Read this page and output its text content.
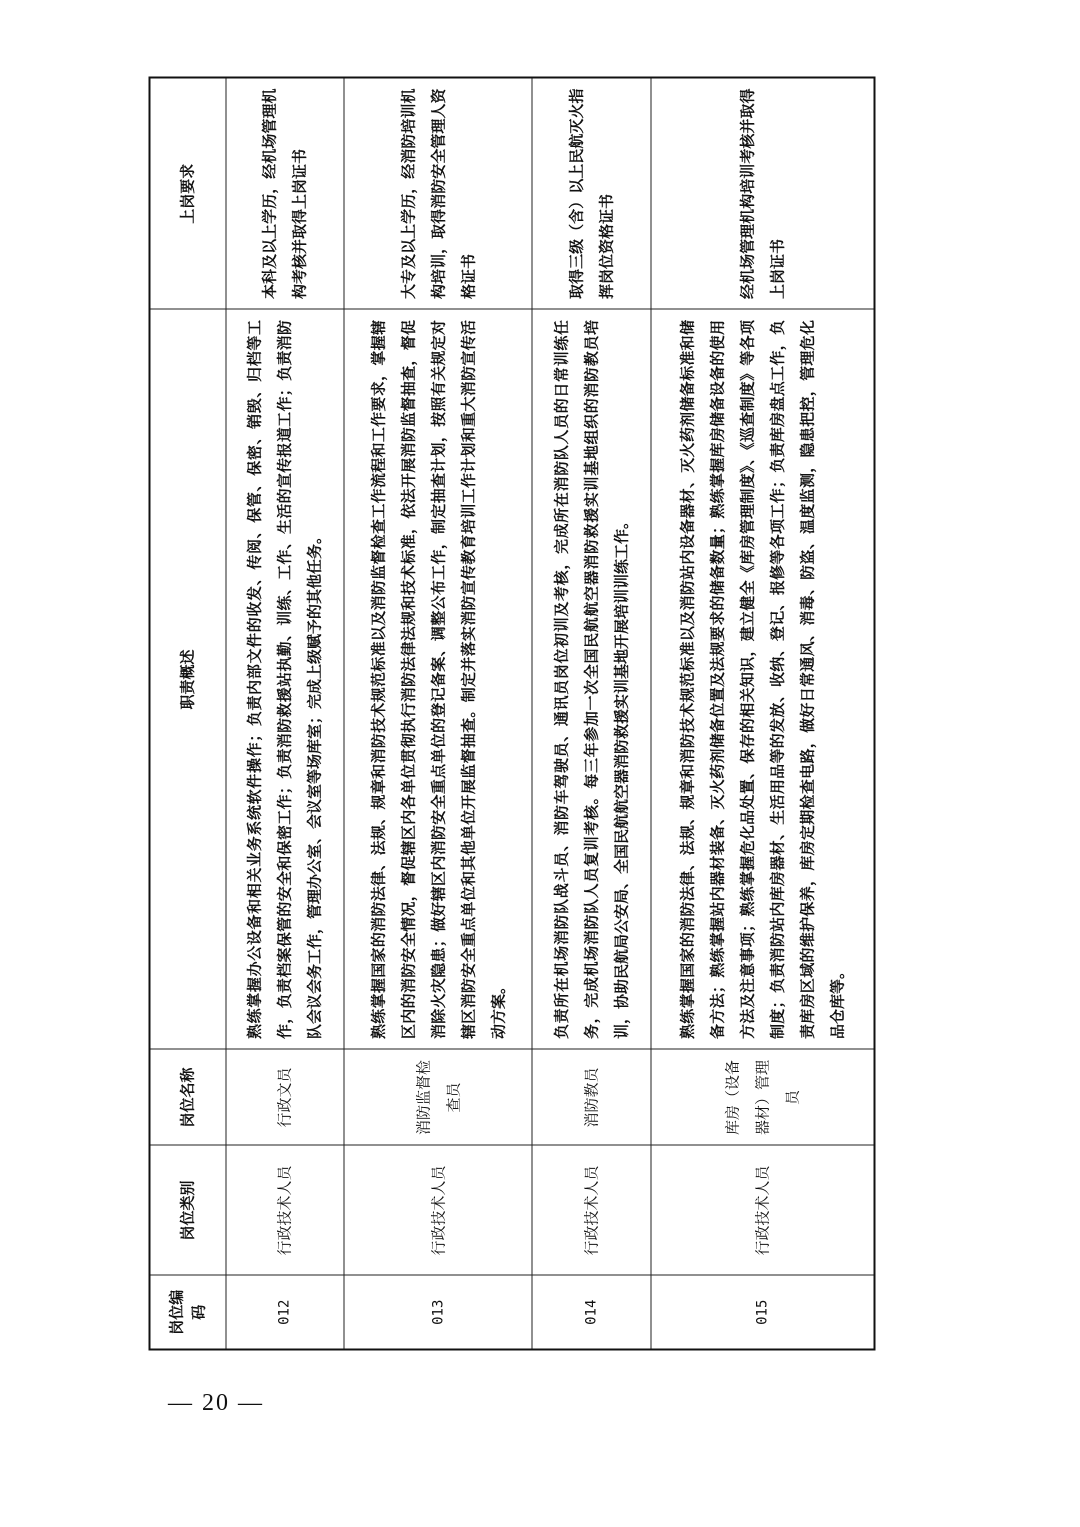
岗位编码	岗位类别	岗位名称	职责概述	上岗要求
012	行政技术人员	行政文员	熟练掌握办公设备和相关业务系统软件操作；负责内部文件的收发、传阅、保管、保密、销毁、归档等工作，负责档案保管的安全和保密工作；负责消防救援站执勤、训练、工作、生活的宣传报道工作；负责消防队会议会务工作，管理办公室、会议室等场库室；完成上级赋予的其他任务。	本科及以上学历，经机场管理机构考核并取得上岗证书
013	行政技术人员	消防监督检查员	熟练掌握国家的消防法律、法规、规章和消防技术规范标准以及消防监督检查工作流程和工作要求，掌握辖区内的消防安全情况，督促辖区内各单位贯彻执行消防法律法规和技术标准，依法开展消防监督抽查，督促消除火灾隐患；做好辖区内消防安全重点单位的登记备案、调整公布工作，制定抽查计划，按照有关规定对辖区消防安全重点单位和其他单位开展监督抽查。制定并落实消防宣传教育培训工作计划和重大消防宣传活动方案。	大专及以上学历，经消防培训机构培训，取得消防安全管理人资格证书
014	行政技术人员	消防教员	负责所在机场消防队战斗员、消防车驾驶员、通讯员岗位初训及考核，完成所在消防队人员的日常训练任务，完成机场消防队人员复训考核。每三年参加一次全国民航航空器消防救援实训基地组织的消防教员培训，协助民航局公安局、全国民航航空器消防救援实训基地开展培训训练工作。	取得三级（含）以上民航灭火指挥岗位资格证书
015	行政技术人员	库房（设备器材）管理员	熟练掌握国家的消防法律、法规、规章和消防技术规范标准以及消防站内设备器材、灭火药剂储备标准和储备方法；熟练掌握站内器材装备、灭火药剂储备位置及法规要求的储备数量；熟练掌握库房储备设备的使用方法及注意事项；熟练掌握危化品处置、保存的相关知识，建立健全《库房管理制度》、《巡查制度》等各项制度；负责消防站内库房器材、生活用品等的发放、收纳、登记、报修等各项工作；负责库房盘点工作，负责库房区域的维护保养，库房定期检查电路，做好日常通风、消毒、防盗、温度监测，隐患把控，管理危化品仓库等。	经机场管理机构培训考核并取得上岗证书
— 20 —
